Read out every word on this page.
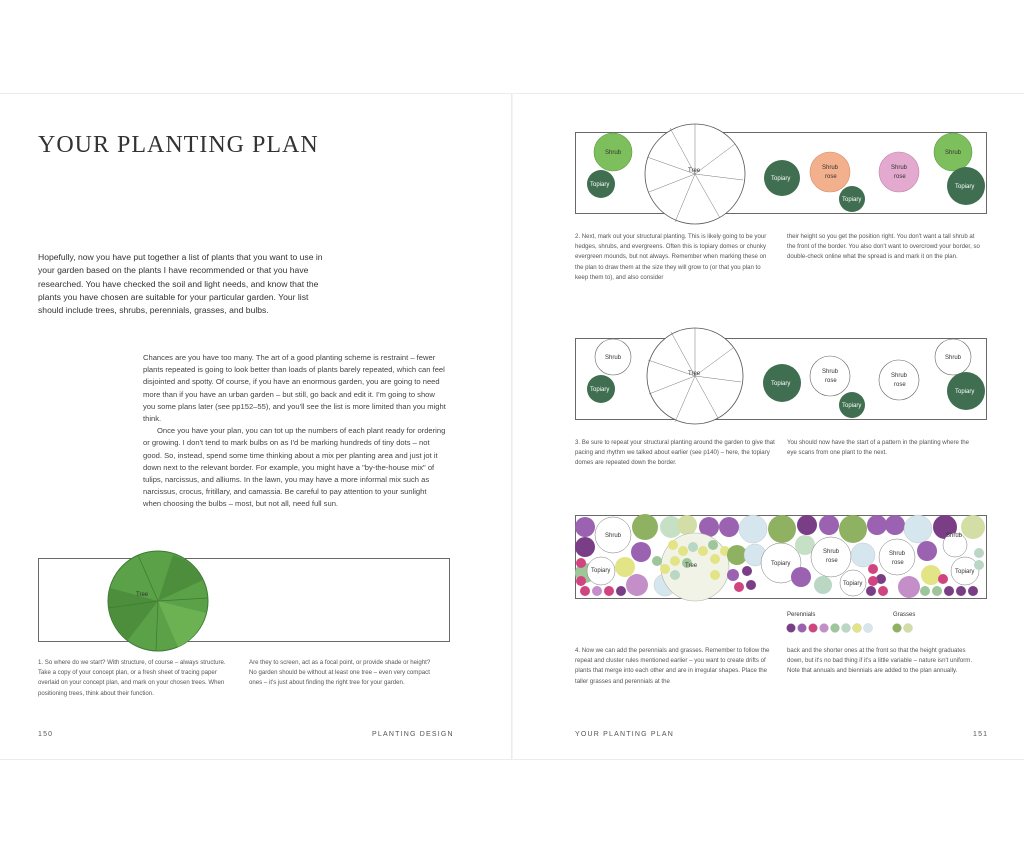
YOUR PLANTING PLAN

Hopefully, now you have put together a list of plants that you want to use in your garden based on the plants I have recommended or that you have researched. You have checked the soil and light needs, and know that the plants you have chosen are suitable for your particular garden. Your list should include trees, shrubs, perennials, grasses, and bulbs.

Chances are you have too many. The art of a good planting scheme is restraint – fewer plants repeated is going to look better than loads of plants barely repeated, which can feel disjointed and spotty. Of course, if you have an enormous garden, you are going to need more than if you have an urban garden – but still, go back and edit it. I'm going to show you some plans later (see pp152–55), and you'll see the list is more limited than you might think.

Once you have your plan, you can tot up the numbers of each plant ready for ordering or growing. I don't tend to mark bulbs on as I'd be marking hundreds of tiny dots – not good. So, instead, spend some time thinking about a mix per planting area and just jot it down next to the relevant border. For example, you might have a "by-the-house mix" of tulips, narcissus, and alliums. In the lawn, you may have a more informal mix such as narcissus, crocus, fritillary, and camassia. Be careful to pay attention to your sunlight when choosing the bulbs – most, but not all, need full sun.

Tree

1. So where do we start? With structure, of course – always structure. Take a copy of your concept plan, or a fresh sheet of tracing paper overlaid on your concept plan, and mark on your chosen trees. When positioning trees, think about their function.

Are they to screen, act as a focal point, or provide shade or height? No garden should be without at least one tree – even very compact ones – it's just about finding the right tree for your garden.

150	PLANTING DESIGN
Tree
Shrub
Topiary
Topiary
Shrub
rose
Topiary
Shrub
rose
Shrub
Topiary

2. Next, mark out your structural planting. This is likely going to be your hedges, shrubs, and evergreens. Often this is topiary domes or chunky evergreen mounds, but not always. Remember when marking these on the plan to draw them at the size they will grow to (or that you plan to keep them to), and also consider

their height so you get the position right. You don't want a tall shrub at the front of the border. You also don't want to overcrowd your border, so double-check online what the spread is and mark it on the plan.

Tree
Shrub
Topiary
Topiary
Shrub
rose
Topiary
Shrub
rose
Shrub
Topiary

3. Be sure to repeat your structural planting around the garden to give that pacing and rhythm we talked about earlier (see p140) – here, the topiary domes are repeated down the border.

You should now have the start of a pattern in the planting where the eye scans from one plant to the next.

Shrub
Topiary
Tree	Topiary
Shrub
rose
Topiary
Shrub
rose
Shrub
Topiary
Perennials	Grasses

4. Now we can add the perennials and grasses. Remember to follow the repeat and cluster rules mentioned earlier – you want to create drifts of plants that merge into each other and are in irregular shapes. Place the taller grasses and perennials at the

back and the shorter ones at the front so that the height graduates down, but it's no bad thing if it's a little variable – nature isn't uniform. Note that annuals and biennials are added to the plan annually.

YOUR PLANTING PLAN	151
